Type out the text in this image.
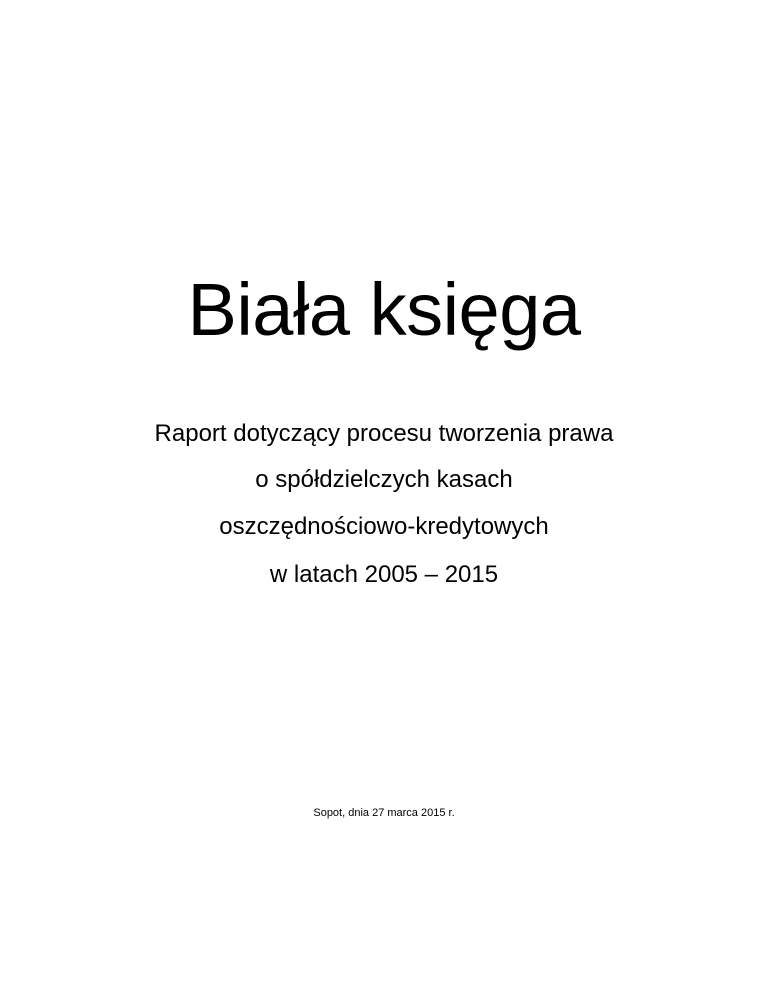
Biała księga
Raport dotyczący procesu tworzenia prawa
o spółdzielczych kasach
oszczędnościowo-kredytowych
w latach 2005 – 2015
Sopot, dnia 27 marca 2015 r.
